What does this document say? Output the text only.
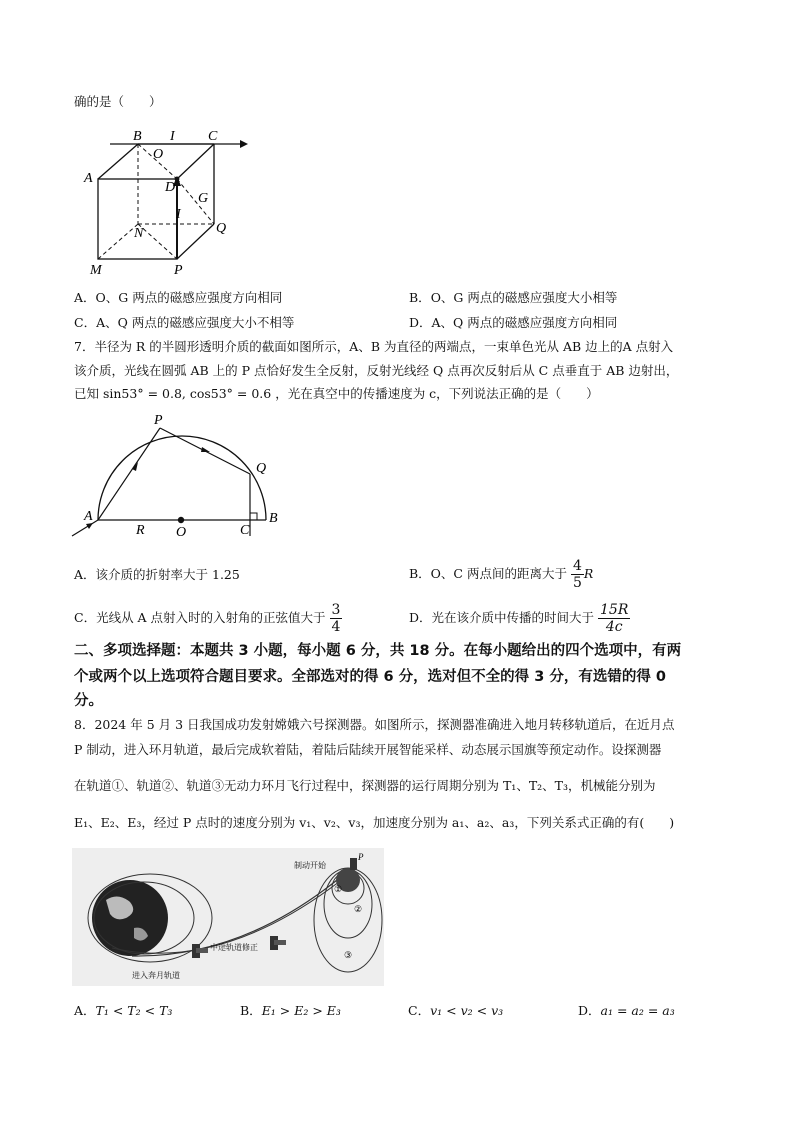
确的是（　　）
B I C
A
O
D
G
I
N	Q
M	P
A．O、G 两点的磁感应强度方向相同	B．O、G 两点的磁感应强度大小相等
C．A、Q 两点的磁感应强度大小不相等	D．A、Q 两点的磁感应强度方向相同
7．半径为 R 的半圆形透明介质的截面如图所示，A、B 为直径的两端点，一束单色光从 AB 边上的A 点射入
该介质，光线在圆弧 AB 上的 P 点恰好发生全反射，反射光线经 Q 点再次反射后从 C 点垂直于 AB 边射出，
已知 sin53° = 0.8, cos53° = 0.6 ，光在真空中的传播速度为 c，下列说法正确的是（　　）
P
Q
A
R O	C
B
A．该介质的折射率大于 1.25	B．O、C 两点间的距离大于 $\frac{4}{5}$ R
C．光线从 A 点射入时的入射角的正弦值大于 $\frac{3}{4}$	D．光在该介质中传播的时间大于 $\frac{15R}{4c}$
二、多项选择题：本题共 3 小题，每小题 6 分，共 18 分。在每小题给出的四个选项中，有两
个或两个以上选项符合题目要求。全部选对的得 6 分，选对但不全的得 3 分，有选错的得 0
分。
8．2024 年 5 月 3 日我国成功发射嫦娥六号探测器。如图所示，探测器准确进入地月转移轨道后，在近月点
P 制动，进入环月轨道，最后完成软着陆，着陆后陆续开展智能采样、动态展示国旗等预定动作。设探测器
在轨道①、轨道②、轨道③无动力环月飞行过程中，探测器的运行周期分别为 T₁、T₂、T₃，机械能分别为
E₁、E₂、E₃，经过 P 点时的速度分别为 v₁、v₂、v₃，加速度分别为 a₁、a₂、a₃，下列关系式正确的有(　　)
①
②
③
P
制动开始
中途轨道修正
进入奔月轨道
A．T₁ < T₂ < T₃	B．E₁ > E₂ > E₃	C．v₁ < v₂ < v₃	D．a₁ = a₂ = a₃
